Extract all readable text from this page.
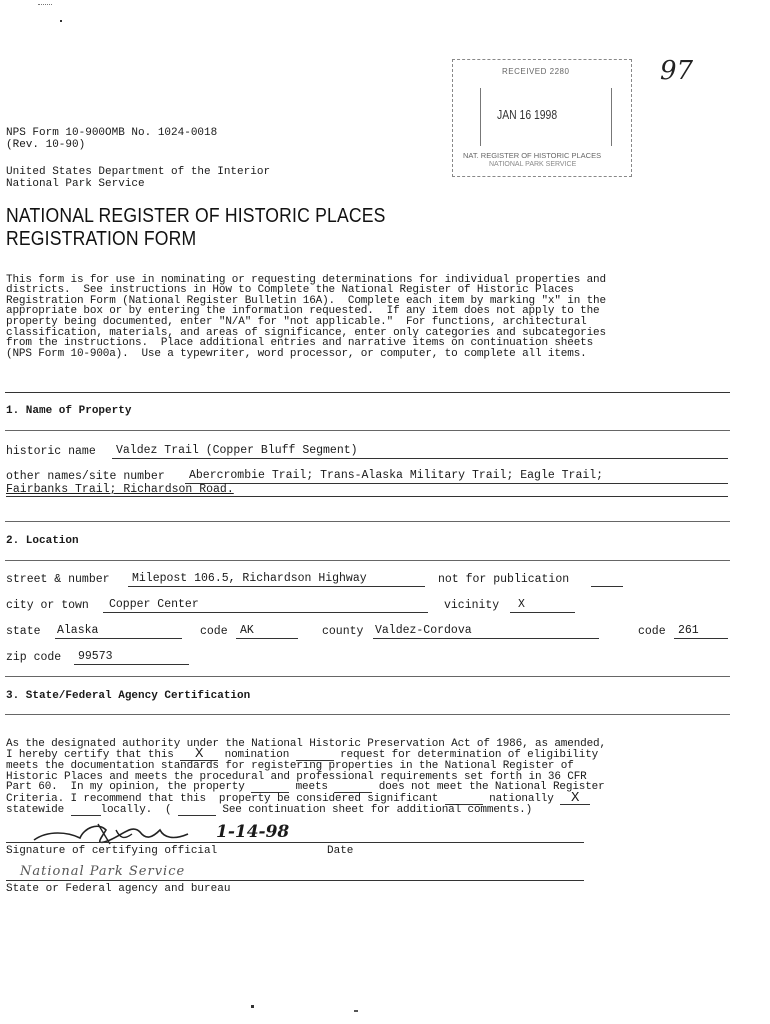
RECEIVED 2280
JAN 16 1998
NAT. REGISTER OF HISTORIC PLACES
NATIONAL PARK SERVICE
97
NPS Form 10-900OMB No. 1024-0018
(Rev. 10-90)
United States Department of the Interior
National Park Service
NATIONAL REGISTER OF HISTORIC PLACES
REGISTRATION FORM

This form is for use in nominating or requesting determinations for individual properties and
districts.  See instructions in How to Complete the National Register of Historic Places
Registration Form (National Register Bulletin 16A).  Complete each item by marking "x" in the
appropriate box or by entering the information requested.  If any item does not apply to the
property being documented, enter "N/A" for "not applicable."  For functions, architectural
classification, materials, and areas of significance, enter only categories and subcategories
from the instructions.  Place additional entries and narrative items on continuation sheets
(NPS Form 10-900a).  Use a typewriter, word processor, or computer, to complete all items.

1. Name of Property
historic name	Valdez Trail (Copper Bluff Segment)
other names/site number	Abercrombie Trail; Trans-Alaska Military Trail; Eagle Trail;
Fairbanks Trail; Richardson Road.
2. Location
street & number	Milepost 106.5, Richardson Highway	not for publication
city or town	Copper Center	vicinity	X
state Alaska	code	AK	county Valdez-Cordova	code	261
zip code	99573
3. State/Federal Agency Certification

As the designated authority under the National Historic Preservation Act of 1986, as amended,
I hereby certify that this X nomination	request for determination of eligibility
meets the documentation standards for registering properties in the National Register of
Historic Places and meets the procedural and professional requirements set forth in 36 CFR
Part 60.  In my opinion, the property	meets	does not meet the National Register
Criteria. I recommend that this  property be considered significant	nationally X
statewide	locally.  (	See continuation sheet for additional comments.)

1-14-98
Signature of certifying official	Date
National Park Service
State or Federal agency and bureau
